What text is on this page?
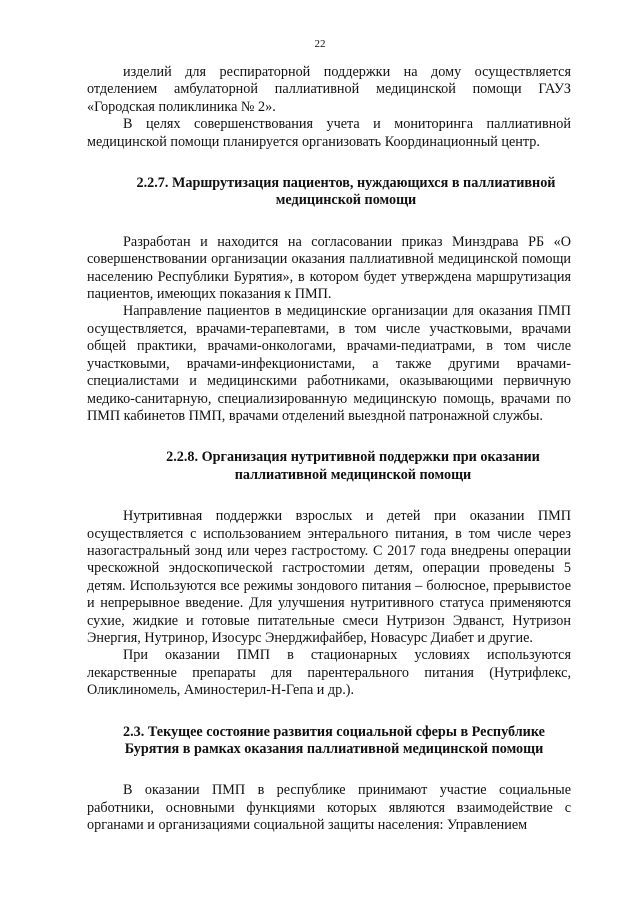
22

изделий для респираторной поддержки на дому осуществляется отделением амбулаторной паллиативной медицинской помощи ГАУЗ «Городская поликлиника № 2».

В целях совершенствования учета и мониторинга паллиативной медицинской помощи планируется организовать Координационный центр.

2.2.7. Маршрутизация пациентов, нуждающихся в паллиативной медицинской помощи

Разработан и находится на согласовании приказ Минздрава РБ «О совершенствовании организации оказания паллиативной медицинской помощи населению Республики Бурятия», в котором будет утверждена маршрутизация пациентов, имеющих показания к ПМП.

Направление пациентов в медицинские организации для оказания ПМП осуществляется, врачами-терапевтами, в том числе участковыми, врачами общей практики, врачами-онкологами, врачами-педиатрами, в том числе участковыми, врачами-инфекционистами, а также другими врачами-специалистами и медицинскими работниками, оказывающими первичную медико-санитарную, специализированную медицинскую помощь, врачами по ПМП кабинетов ПМП, врачами отделений выездной патронажной службы.

2.2.8. Организация нутритивной поддержки при оказании паллиативной медицинской помощи

Нутритивная поддержки взрослых и детей при оказании ПМП осуществляется с использованием энтерального питания, в том числе через назогастральный зонд или через гастростому. С 2017 года внедрены операции чрескожной эндоскопической гастростомии детям, операции проведены 5 детям. Используются все режимы зондового питания – болюсное, прерывистое и непрерывное введение. Для улучшения нутритивного статуса применяются сухие, жидкие и готовые питательные смеси Нутризон Эдванст, Нутризон Энергия, Нутринор, Изосурс Энерджифайбер, Новасурс Диабет и другие.

При оказании ПМП в стационарных условиях используются лекарственные препараты для парентерального питания (Нутрифлекс, Оликлиномель, Аминостерил-Н-Гепа и др.).

2.3. Текущее состояние развития социальной сферы в Республике Бурятия в рамках оказания паллиативной медицинской помощи

В оказании ПМП в республике принимают участие социальные работники, основными функциями которых являются взаимодействие с органами и организациями социальной защиты населения: Управлением
